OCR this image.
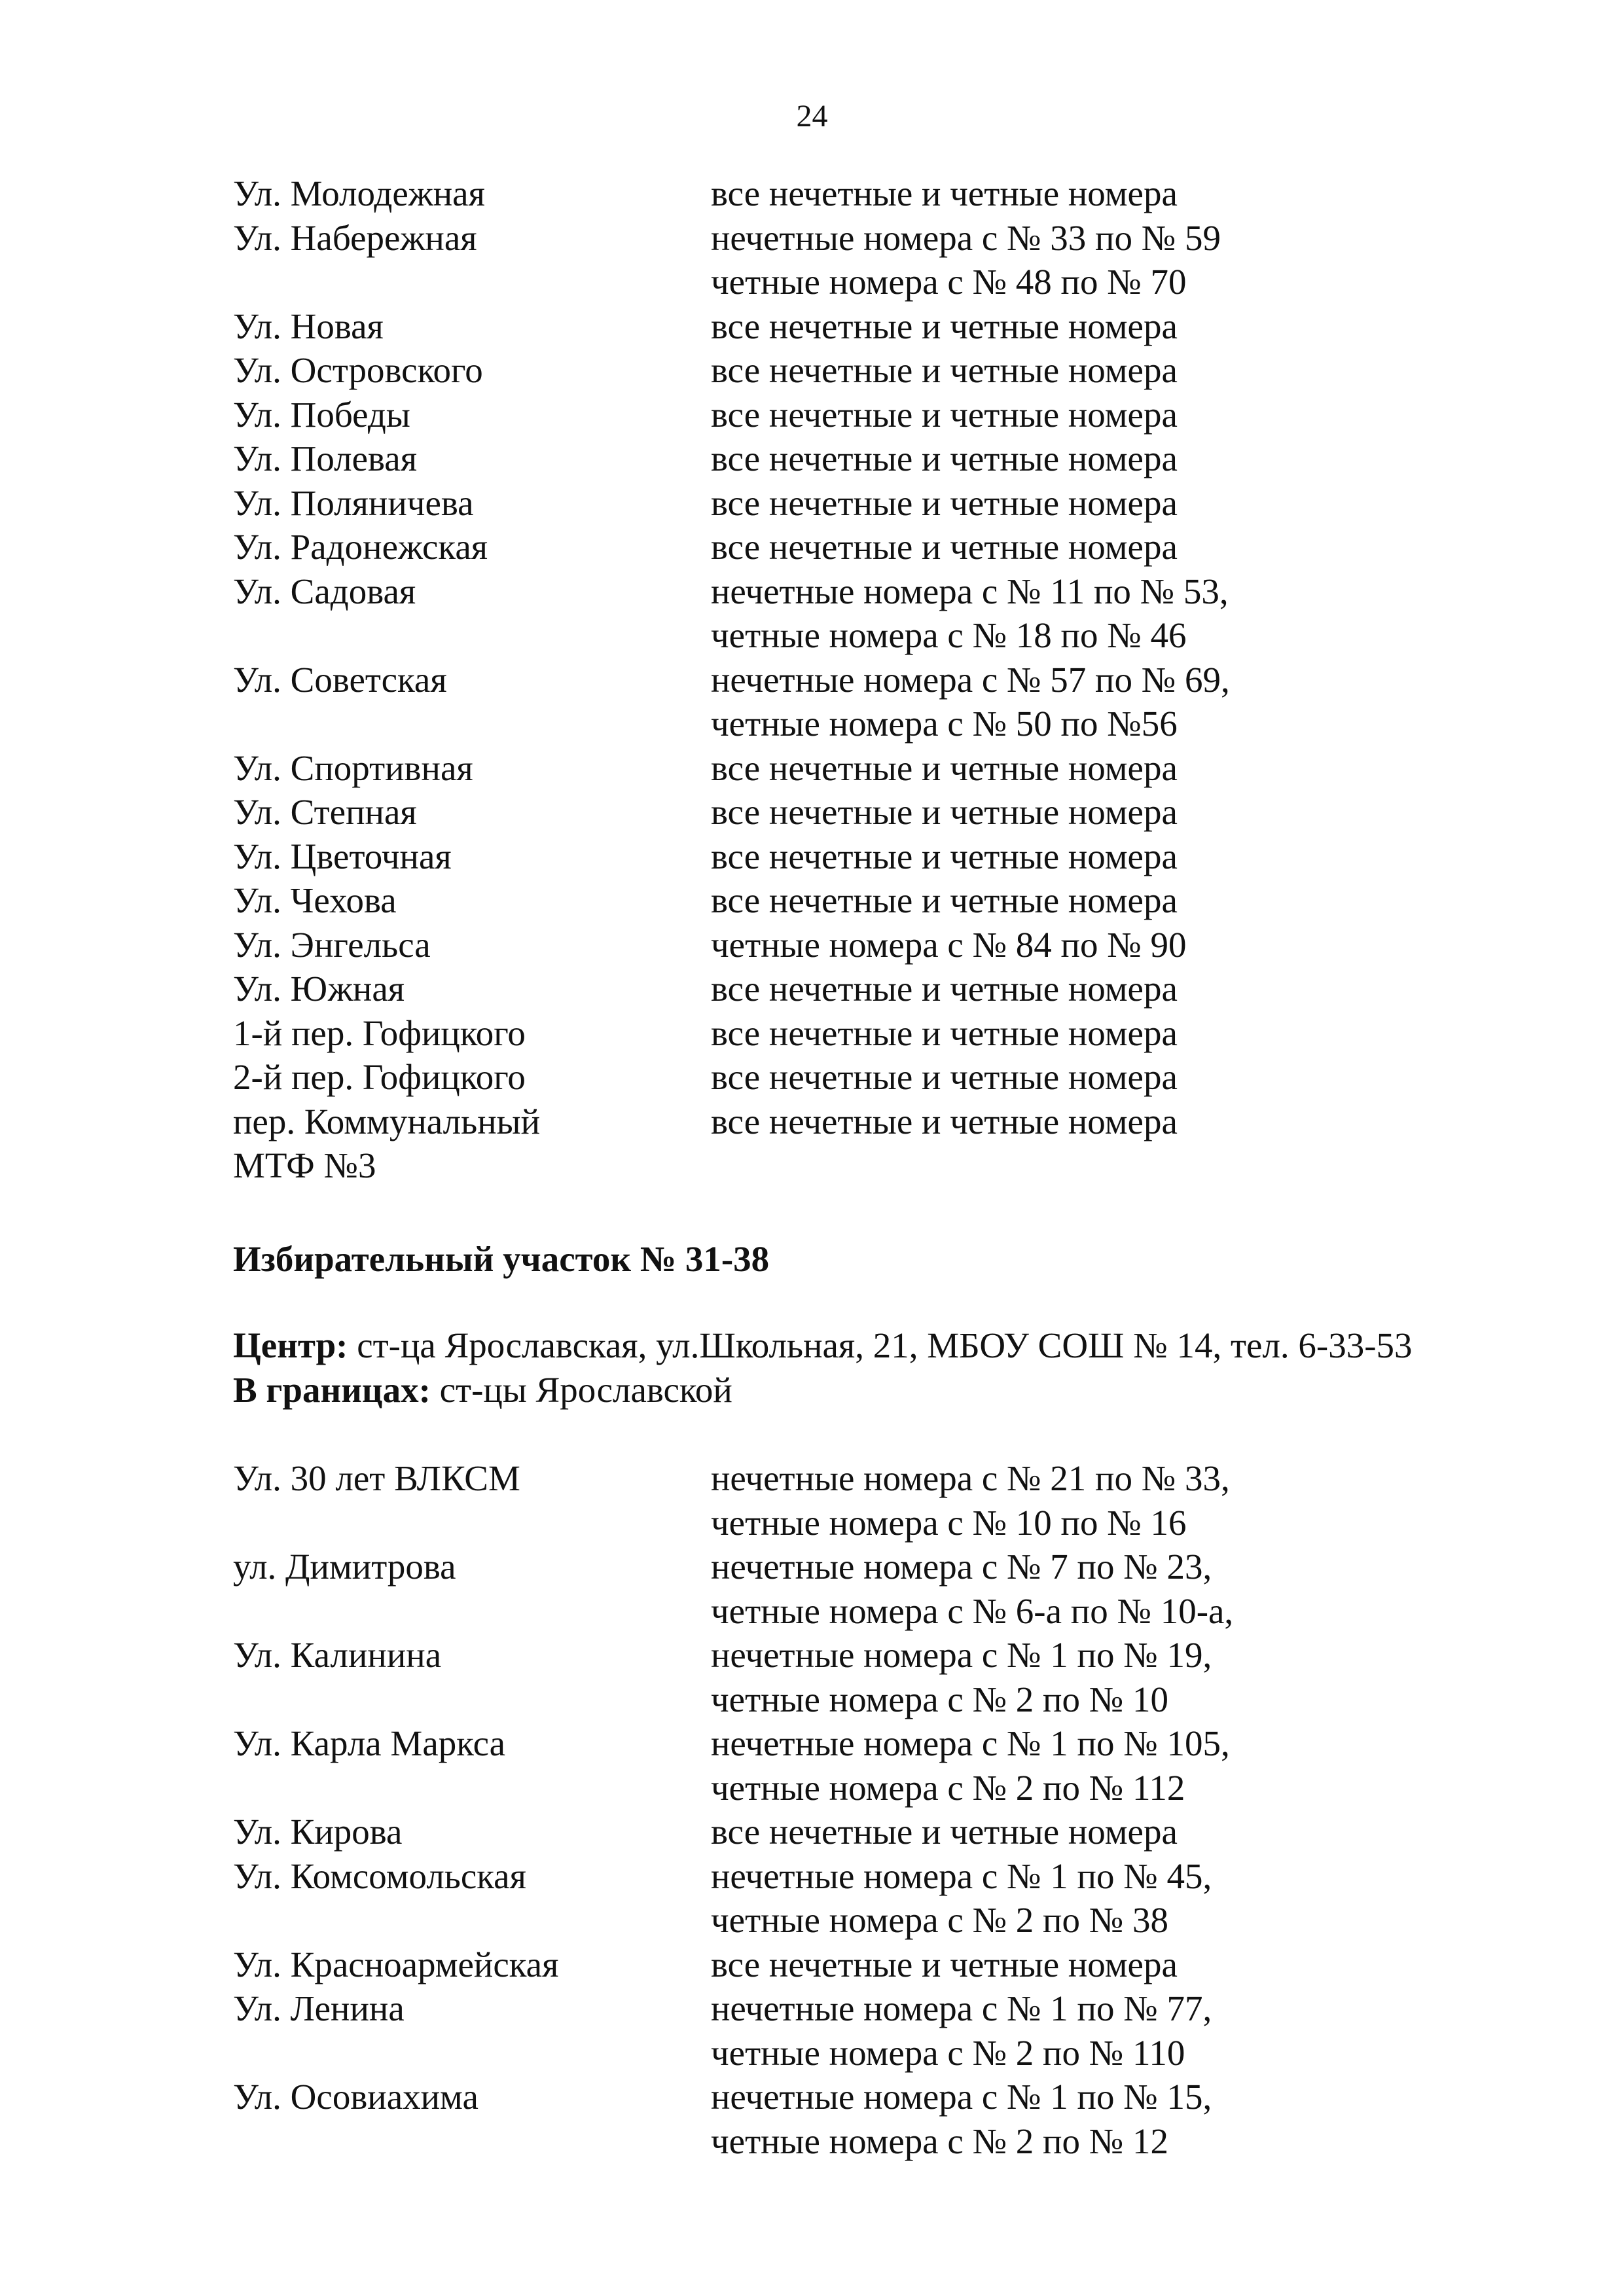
24
Ул. Молодежная	все нечетные и четные номера
Ул. Набережная	нечетные номера с № 33 по № 59
четные номера с № 48 по № 70
Ул. Новая	все нечетные и четные номера
Ул. Островского	все нечетные и четные номера
Ул. Победы	все нечетные и четные номера
Ул. Полевая	все нечетные и четные номера
Ул. Поляничева	все нечетные и четные номера
Ул. Радонежская	все нечетные и четные номера
Ул. Садовая	нечетные номера с № 11 по № 53,
четные номера с № 18 по № 46
Ул. Советская	нечетные номера с № 57 по № 69,
четные номера с № 50 по №56
Ул. Спортивная	все нечетные и четные номера
Ул. Степная	все нечетные и четные номера
Ул. Цветочная	все нечетные и четные номера
Ул. Чехова	все нечетные и четные номера
Ул. Энгельса	четные номера с № 84 по № 90
Ул. Южная	все нечетные и четные номера
1-й пер. Гофицкого	все нечетные и четные номера
2-й пер. Гофицкого	все нечетные и четные номера
пер. Коммунальный	все нечетные и четные номера
МТФ №3
Избирательный участок № 31-38
Центр: ст-ца Ярославская, ул.Школьная, 21, МБОУ СОШ № 14, тел. 6-33-53
В границах: ст-цы Ярославской
Ул. 30 лет ВЛКСМ	нечетные номера с № 21 по № 33,
четные номера с № 10 по № 16
ул. Димитрова	нечетные номера с № 7 по № 23,
четные номера с № 6-а по № 10-а,
Ул. Калинина	нечетные номера с № 1 по № 19,
четные номера с № 2 по № 10
Ул. Карла Маркса	нечетные номера с № 1 по № 105,
четные номера с № 2 по № 112
Ул. Кирова	все нечетные и четные номера
Ул. Комсомольская	нечетные номера с № 1 по № 45,
четные номера с № 2 по № 38
Ул. Красноармейская	все нечетные и четные номера
Ул. Ленина	нечетные номера с № 1 по № 77,
четные номера с № 2 по № 110
Ул. Осовиахима	нечетные номера с № 1 по № 15,
четные номера с № 2 по № 12
